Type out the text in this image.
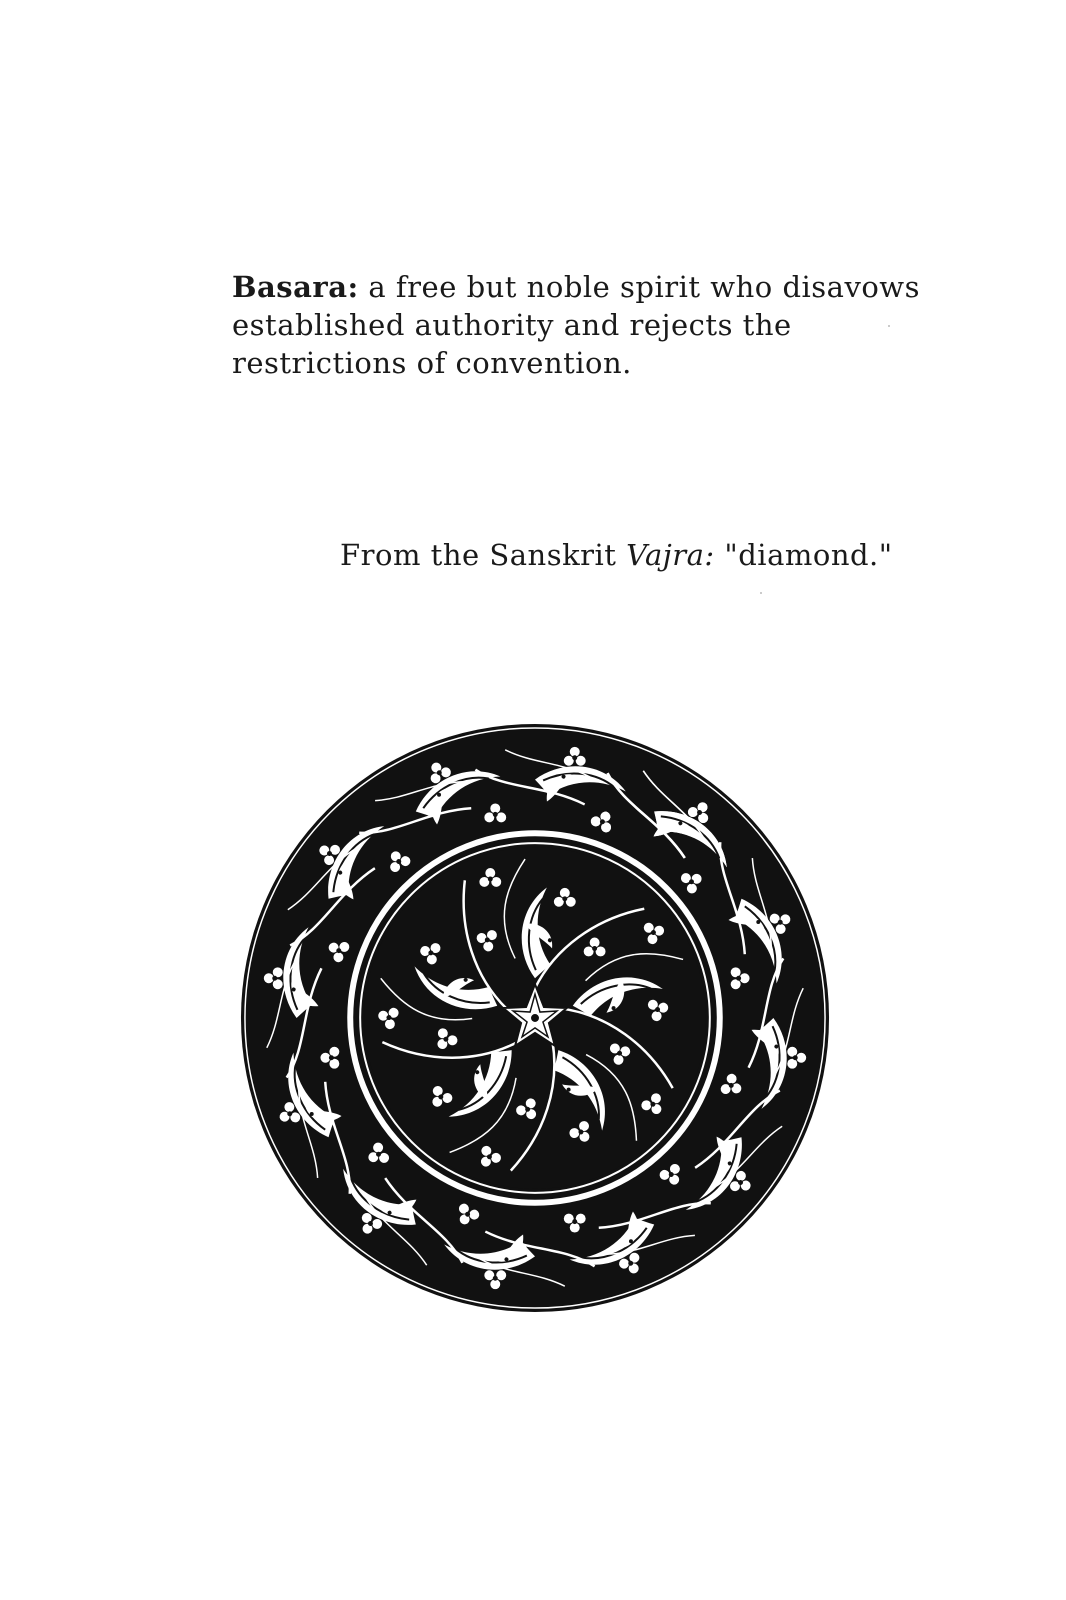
Basara: a free but noble spirit who disavows
established authority and rejects the
restrictions of convention.
From the Sanskrit Vajra: "diamond."
